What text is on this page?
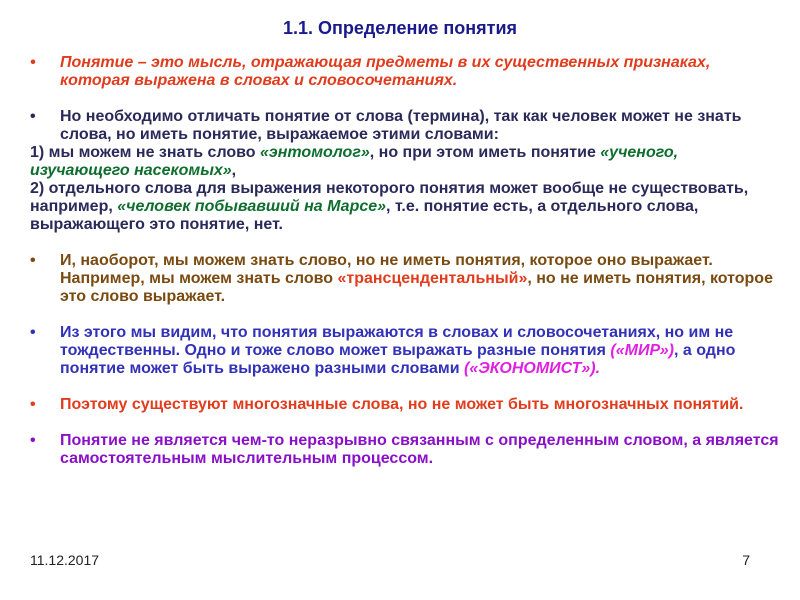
1.1. Определение понятия
• Понятие – это мысль, отражающая предметы в их существенных признаках, которая выражена в словах и словосочетаниях.
• Но необходимо отличать понятие от слова (термина), так как человек может не знать слова, но иметь понятие, выражаемое этими словами:
1) мы можем не знать слово «энтомолог», но при этом иметь понятие «ученого, изучающего насекомых»,
2) отдельного слова для выражения некоторого понятия может вообще не существовать, например, «человек побывавший на Марсе», т.е. понятие есть, а отдельного слова, выражающего это понятие, нет.
• И, наоборот, мы можем знать слово, но не иметь понятия, которое оно выражает. Например, мы можем знать слово «трансцендентальный», но не иметь понятия, которое это слово выражает.
• Из этого мы видим, что понятия выражаются в словах и словосочетаниях, но им не тождественны. Одно и тоже слово может выражать разные понятия («МИР»), а одно понятие может быть выражено разными словами («ЭКОНОМИСТ»).
• Поэтому существуют многозначные слова, но не может быть многозначных понятий.
• Понятие не является чем-то неразрывно связанным с определенным словом, а является самостоятельным мыслительным процессом.
11.12.2017	7
